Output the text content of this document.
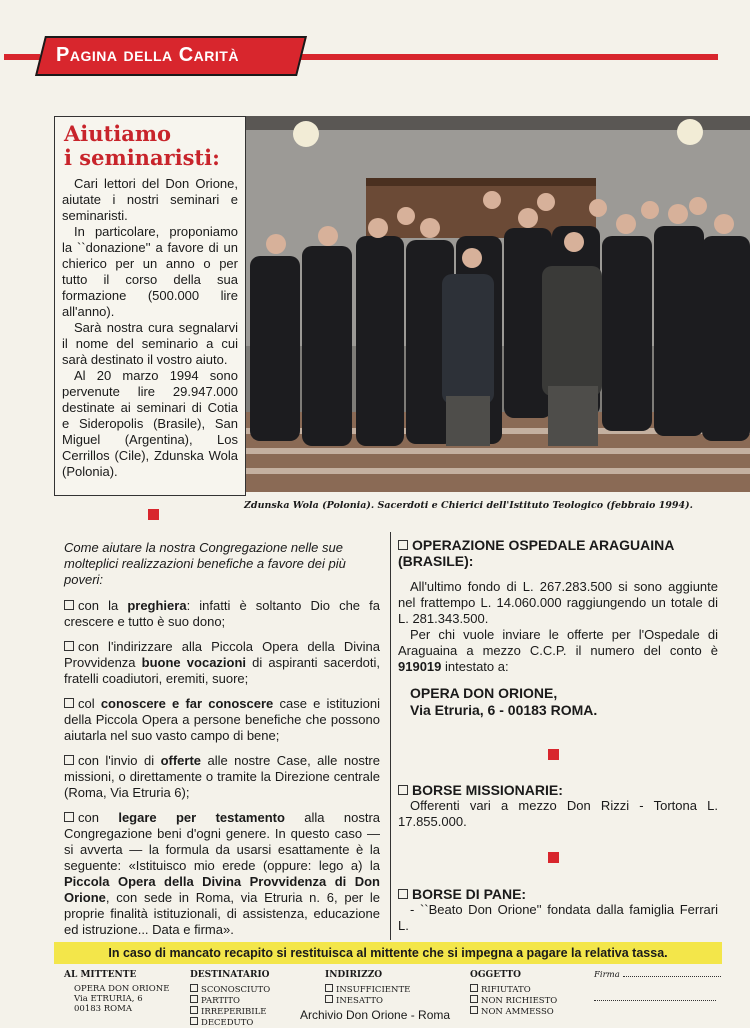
Pagina della Carità
Aiutiamo
i seminaristi:

Cari lettori del Don Orione, aiutate i nostri seminari e seminaristi.

In particolare, proponiamo la ``donazione'' a favore di un chierico per un anno o per tutto il corso della sua formazione (500.000 lire all'anno).

Sarà nostra cura segnalarvi il nome del seminario a cui sarà destinato il vostro aiuto.

Al 20 marzo 1994 sono pervenute lire 29.947.000 destinate ai seminari di Cotia e Sideropolis (Brasile), San Miguel (Argentina), Los Cerrillos (Cile), Zdunska Wola (Polonia).

Zdunska Wola (Polonia). Sacerdoti e Chierici dell'Istituto Teologico (febbraio 1994).

Come aiutare la nostra Congregazione nelle sue molteplici realizzazioni benefiche a favore dei più poveri:

con la preghiera: infatti è soltanto Dio che fa crescere e tutto è suo dono;

con l'indirizzare alla Piccola Opera della Divina Provvidenza buone vocazioni di aspiranti sacerdoti, fratelli coadiutori, eremiti, suore;

col conoscere e far conoscere case e istituzioni della Piccola Opera a persone benefiche che possono aiutarla nel suo vasto campo di bene;

con l'invio di offerte alle nostre Case, alle nostre missioni, o direttamente o tramite la Direzione centrale (Roma, Via Etruria 6);

con legare per testamento alla nostra Congregazione beni d'ogni genere. In questo caso — si avverta — la formula da usarsi esattamente è la seguente: «Istituisco mio erede (oppure: lego a) la Piccola Opera della Divina Provvidenza di Don Orione, con sede in Roma, via Etruria n. 6, per le proprie finalità istituzionali, di assistenza, educazione ed istruzione... Data e firma».

OPERAZIONE OSPEDALE ARAGUAINA (BRASILE):

All'ultimo fondo di L. 267.283.500 si sono aggiunte nel frattempo L. 14.060.000 raggiungendo un totale di L. 281.343.500.

Per chi vuole inviare le offerte per l'Ospedale di Araguaina a mezzo C.C.P. il numero del conto è 919019 intestato a:

OPERA DON ORIONE,
Via Etruria, 6 - 00183 ROMA.
BORSE MISSIONARIE:

Offerenti vari a mezzo Don Rizzi - Tortona L. 17.855.000.

BORSE DI PANE:

- ``Beato Don Orione'' fondata dalla famiglia Ferrari L.

In caso di mancato recapito si restituisca al mittente che si impegna a pagare la relativa tassa.
AL MITTENTE
OPERA DON ORIONE
Via ETRURIA, 6
00183 ROMA
DESTINATARIO
SCONOSCIUTO
PARTITO
IRREPERIBILE
DECEDUTO
INDIRIZZO
INSUFFICIENTE
INESATTO
OGGETTO
RIFIUTATO
NON RICHIESTO
NON AMMESSO
Firma
Archivio Don Orione - Roma
